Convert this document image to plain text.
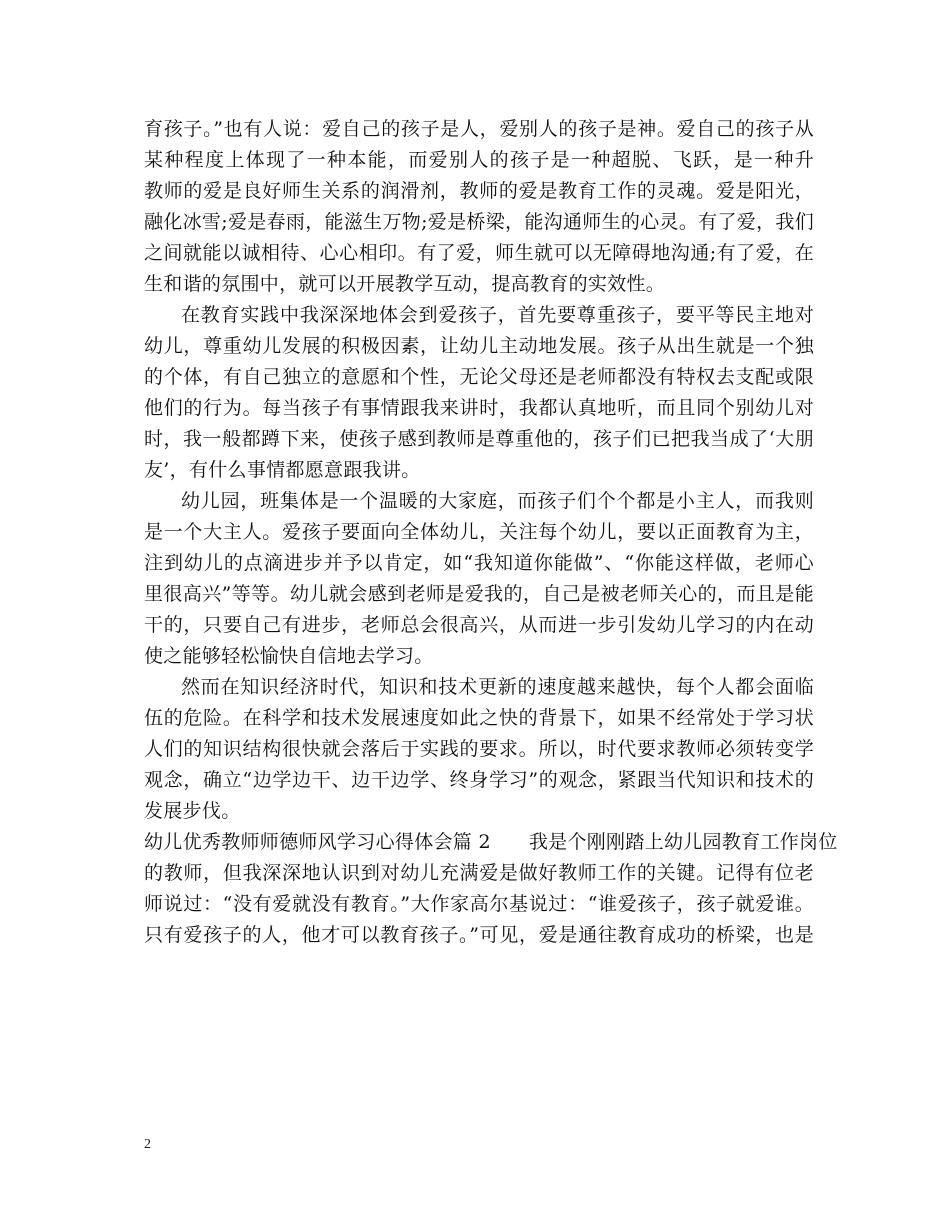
育孩子。”也有人说：爱自己的孩子是人，爱别人的孩子是神。爱自己的孩子从
某种程度上体现了一种本能，而爱别人的孩子是一种超脱、飞跃，是一种升
教师的爱是良好师生关系的润滑剂，教师的爱是教育工作的灵魂。爱是阳光，
融化冰雪;爱是春雨，能滋生万物;爱是桥梁，能沟通师生的心灵。有了爱，我们
之间就能以诚相待、心心相印。有了爱，师生就可以无障碍地沟通;有了爱，在
生和谐的氛围中，就可以开展教学互动，提高教育的实效性。
在教育实践中我深深地体会到爱孩子，首先要尊重孩子，要平等民主地对
幼儿，尊重幼儿发展的积极因素，让幼儿主动地发展。孩子从出生就是一个独
的个体，有自己独立的意愿和个性，无论父母还是老师都没有特权去支配或限
他们的行为。每当孩子有事情跟我来讲时，我都认真地听，而且同个别幼儿对
时，我一般都蹲下来，使孩子感到教师是尊重他的，孩子们已把我当成了‘大朋
友’，有什么事情都愿意跟我讲。
幼儿园，班集体是一个温暖的大家庭，而孩子们个个都是小主人，而我则
是一个大主人。爱孩子要面向全体幼儿，关注每个幼儿，要以正面教育为主，
注到幼儿的点滴进步并予以肯定，如“我知道你能做”、“你能这样做，老师心
里很高兴”等等。幼儿就会感到老师是爱我的，自己是被老师关心的，而且是能
干的，只要自己有进步，老师总会很高兴，从而进一步引发幼儿学习的内在动
使之能够轻松愉快自信地去学习。
然而在知识经济时代，知识和技术更新的速度越来越快，每个人都会面临
伍的危险。在科学和技术发展速度如此之快的背景下，如果不经常处于学习状
人们的知识结构很快就会落后于实践的要求。所以，时代要求教师必须转变学
观念，确立“边学边干、边干边学、终身学习”的观念，紧跟当代知识和技术的
发展步伐。
幼儿优秀教师师德师风学习心得体会篇 2 我是个刚刚踏上幼儿园教育工作岗位
的教师，但我深深地认识到对幼儿充满爱是做好教师工作的关键。记得有位老
师说过：“没有爱就没有教育。”大作家高尔基说过：“谁爱孩子，孩子就爱谁。
只有爱孩子的人，他才可以教育孩子。”可见，爱是通往教育成功的桥梁，也是
2
